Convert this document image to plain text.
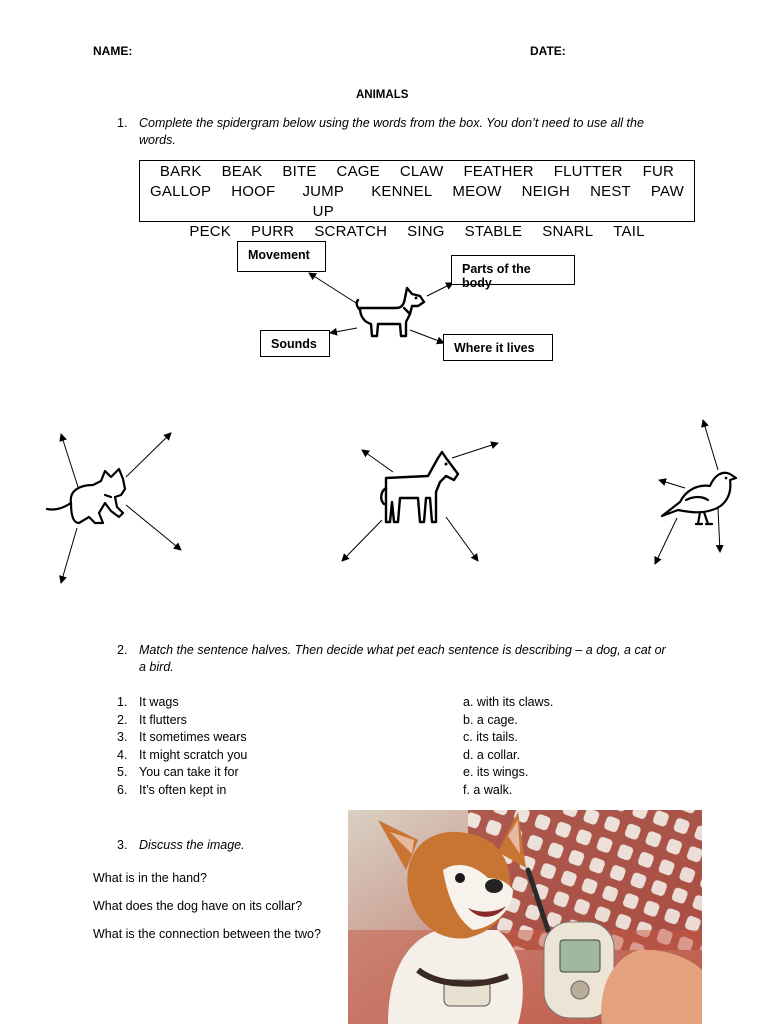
NAME:	DATE:
ANIMALS
1. Complete the spidergram below using the words from the box. You don’t need to use all the words.
BARK BEAK BITE CAGE CLAW FEATHER FLUTTER FUR
GALLOP HOOF	JUMP UP
KENNEL MEOW NEIGH NEST PAW
PECK PURR SCRATCH SING STABLE SNARL TAIL
Movement
Parts of the body
Sounds	Where it lives
2. Match the sentence halves. Then decide what pet each sentence is describing – a dog, a cat or a bird.
1. It wags
2. It flutters
3. It sometimes wears
4. It might scratch you
5. You can take it for
6. It’s often kept in
a. with its claws.
b. a cage.
c. its tails.
d. a collar.
e. its wings.
f. a walk.
3. Discuss the image.
What is in the hand?
What does the dog have on its collar?
What is the connection between the two?
